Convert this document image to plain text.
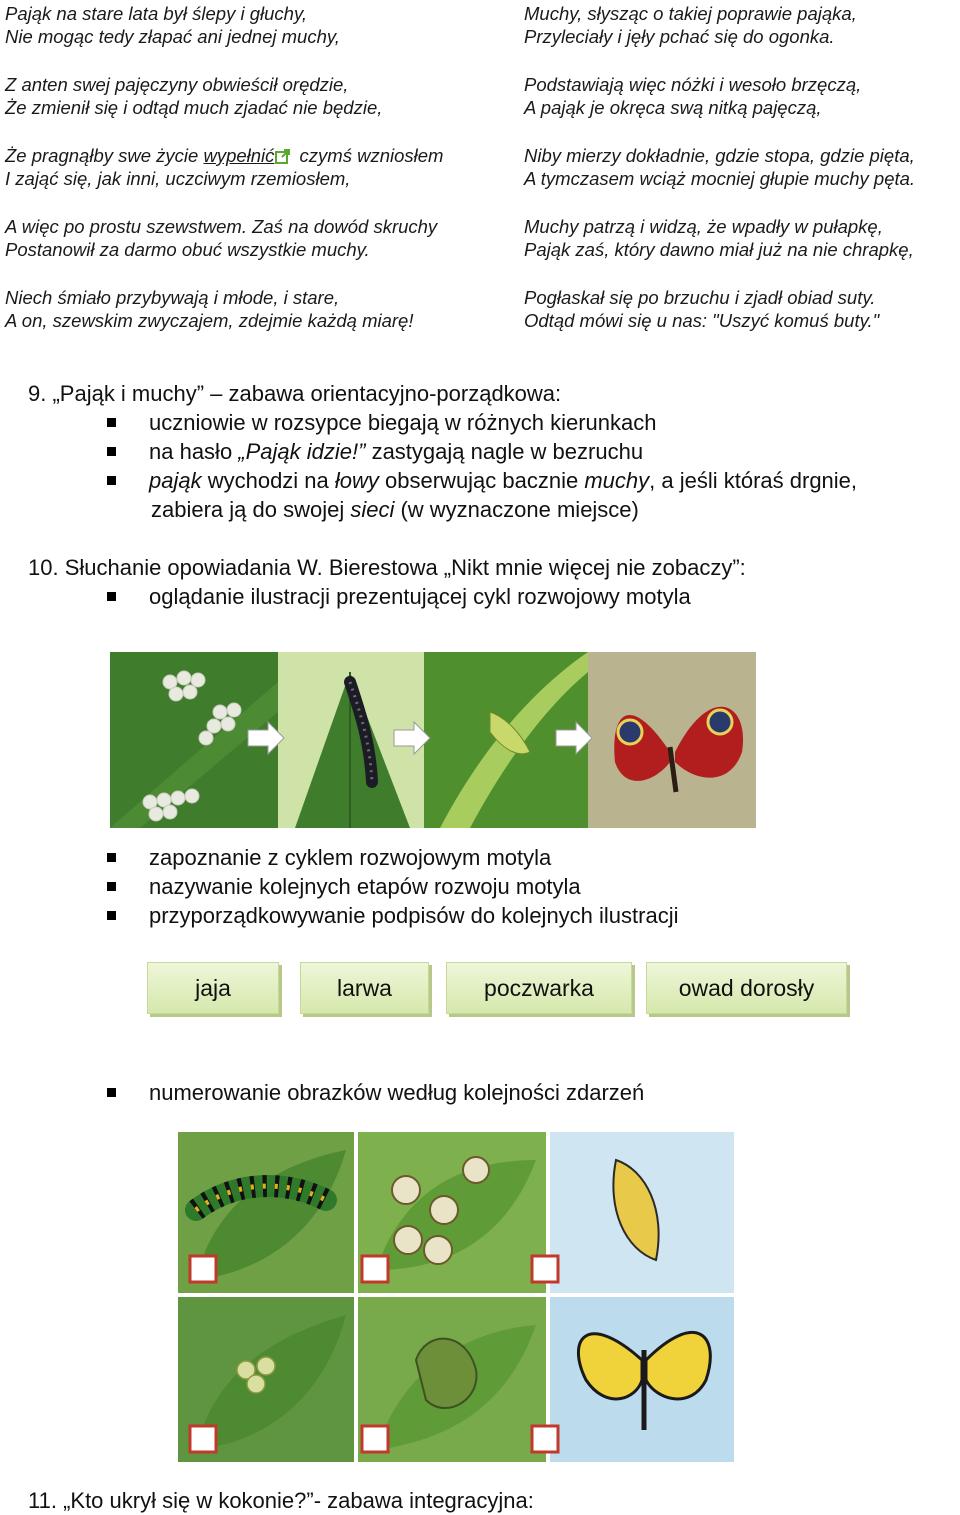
Pająk na stare lata był ślepy i głuchy,
Nie mogąc tedy złapać ani jednej muchy,
Z anten swej pajęczyny obwieścił orędzie,
Że zmienił się i odtąd much zjadać nie będzie,
Że pragnąłby swe życie wypełnić czymś wzniosłem
I zająć się, jak inni, uczciwym rzemiosłem,
A więc po prostu szewstwem. Zaś na dowód skruchy
Postanowił za darmo obuć wszystkie muchy.
Niech śmiało przybywają i młode, i stare,
A on, szewskim zwyczajem, zdejmie każdą miarę!
Muchy, słysząc o takiej poprawie pająka,
Przyleciały i jęły pchać się do ogonka.
Podstawiają więc nóżki i wesoło brzęczą,
A pająk je okręca swą nitką pajęczą,
Niby mierzy dokładnie, gdzie stopa, gdzie pięta,
A tymczasem wciąż mocniej głupie muchy pęta.
Muchy patrzą i widzą, że wpadły w pułapkę,
Pająk zaś, który dawno miał już na nie chrapkę,
Pogłaskał się po brzuchu i zjadł obiad suty.
Odtąd mówi się u nas: "Uszyć komuś buty."
9. „Pająk i muchy” – zabawa orientacyjno-porządkowa:
uczniowie w rozsypce biegają w różnych kierunkach
na hasło „Pająk idzie!” zastygają nagle w bezruchu
pająk wychodzi na łowy obserwując bacznie muchy, a jeśli któraś drgnie,
zabiera ją do swojej sieci (w wyznaczone miejsce)
10. Słuchanie opowiadania W. Bierestowa „Nikt mnie więcej nie zobaczy”:
oglądanie ilustracji prezentującej cykl rozwojowy motyla
zapoznanie z cyklem rozwojowym motyla
nazywanie kolejnych etapów rozwoju motyla
przyporządkowywanie podpisów do kolejnych ilustracji
jaja	larwa	poczwarka	owad dorosły
numerowanie obrazków według kolejności zdarzeń
11. „Kto ukrył się w kokonie?”- zabawa integracyjna:
